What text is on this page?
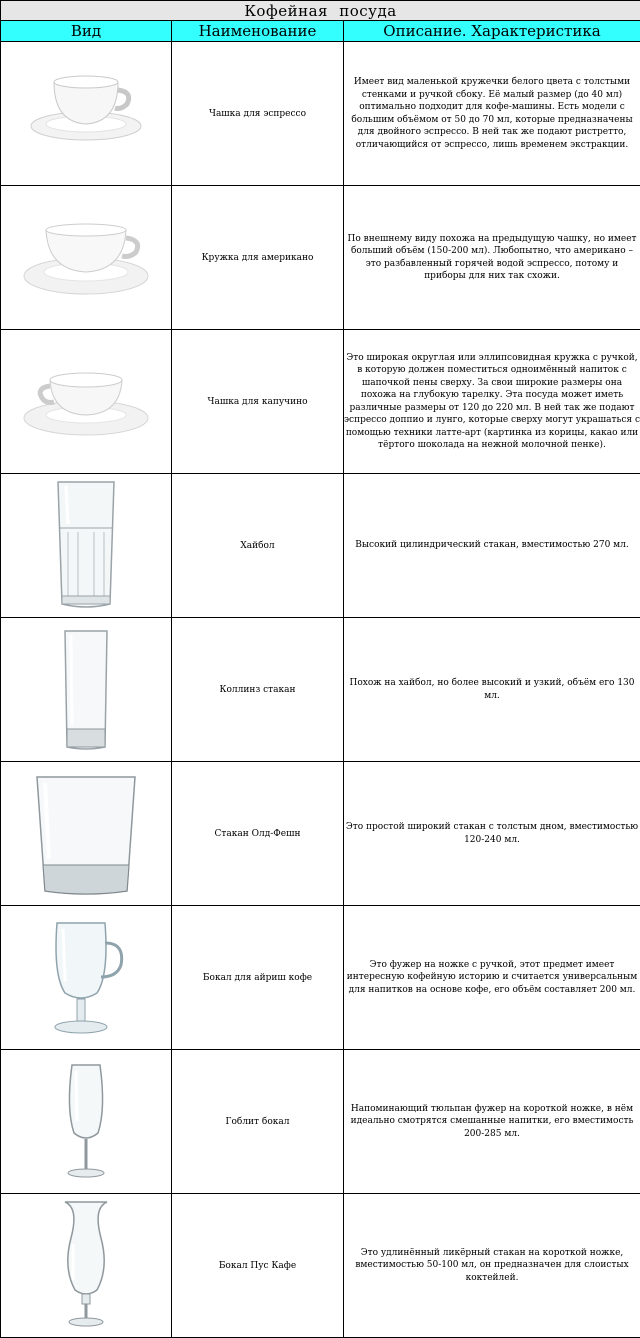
Кофейная посуда		
Вид	Наименование	Описание. Характеристика

	Чашка для эспрессо	Имеет вид маленькой кружечки белого цвета с толстыми стенками и ручкой сбоку. Её малый размер (до 40 мл) оптимально подходит для кофе-машины. Есть модели с большим объёмом от 50 до 70 мл, которые предназначены для двойного эспрессо. В ней так же подают ристретто, отличающийся от эспрессо, лишь временем экстракции.

	Кружка для американо	По внешнему виду похожа на предыдущую чашку, но имеет больший объём (150-200 мл). Любопытно, что американо – это разбавленный горячей водой эспрессо, потому и приборы для них так схожи.

	Чашка для капучино	Это широкая округлая или эллипсовидная кружка с ручкой, в которую должен поместиться одноимённый напиток с шапочкой пены сверху. За свои широкие размеры она похожа на глубокую тарелку. Эта посуда может иметь различные размеры от 120 до 220 мл. В ней так же подают эспрессо доппио и лунго, которые сверху могут украшаться с помощью техники латте-арт (картинка из корицы, какао или тёртого шоколада на нежной молочной пенке).

	Хайбол	Высокий цилиндрический стакан, вместимостью 270 мл.

	Коллинз стакан	Похож на хайбол, но более высокий и узкий, объём его 130 мл.

	Стакан Олд-Фешн	Это простой широкий стакан с толстым дном, вместимостью 120-240 мл.

	Бокал для айриш кофе	Это фужер на ножке с ручкой, этот предмет имеет интересную кофейную историю и считается универсальным для напитков на основе кофе, его объём составляет 200 мл.

	Гоблит бокал	Напоминающий тюльпан фужер на короткой ножке, в нём идеально смотрятся смешанные напитки, его вместимость 200-285 мл.

	Бокал Пус Кафе	Это удлинённый ликёрный стакан на короткой ножке, вместимостью 50-100 мл, он предназначен для слоистых коктейлей.
